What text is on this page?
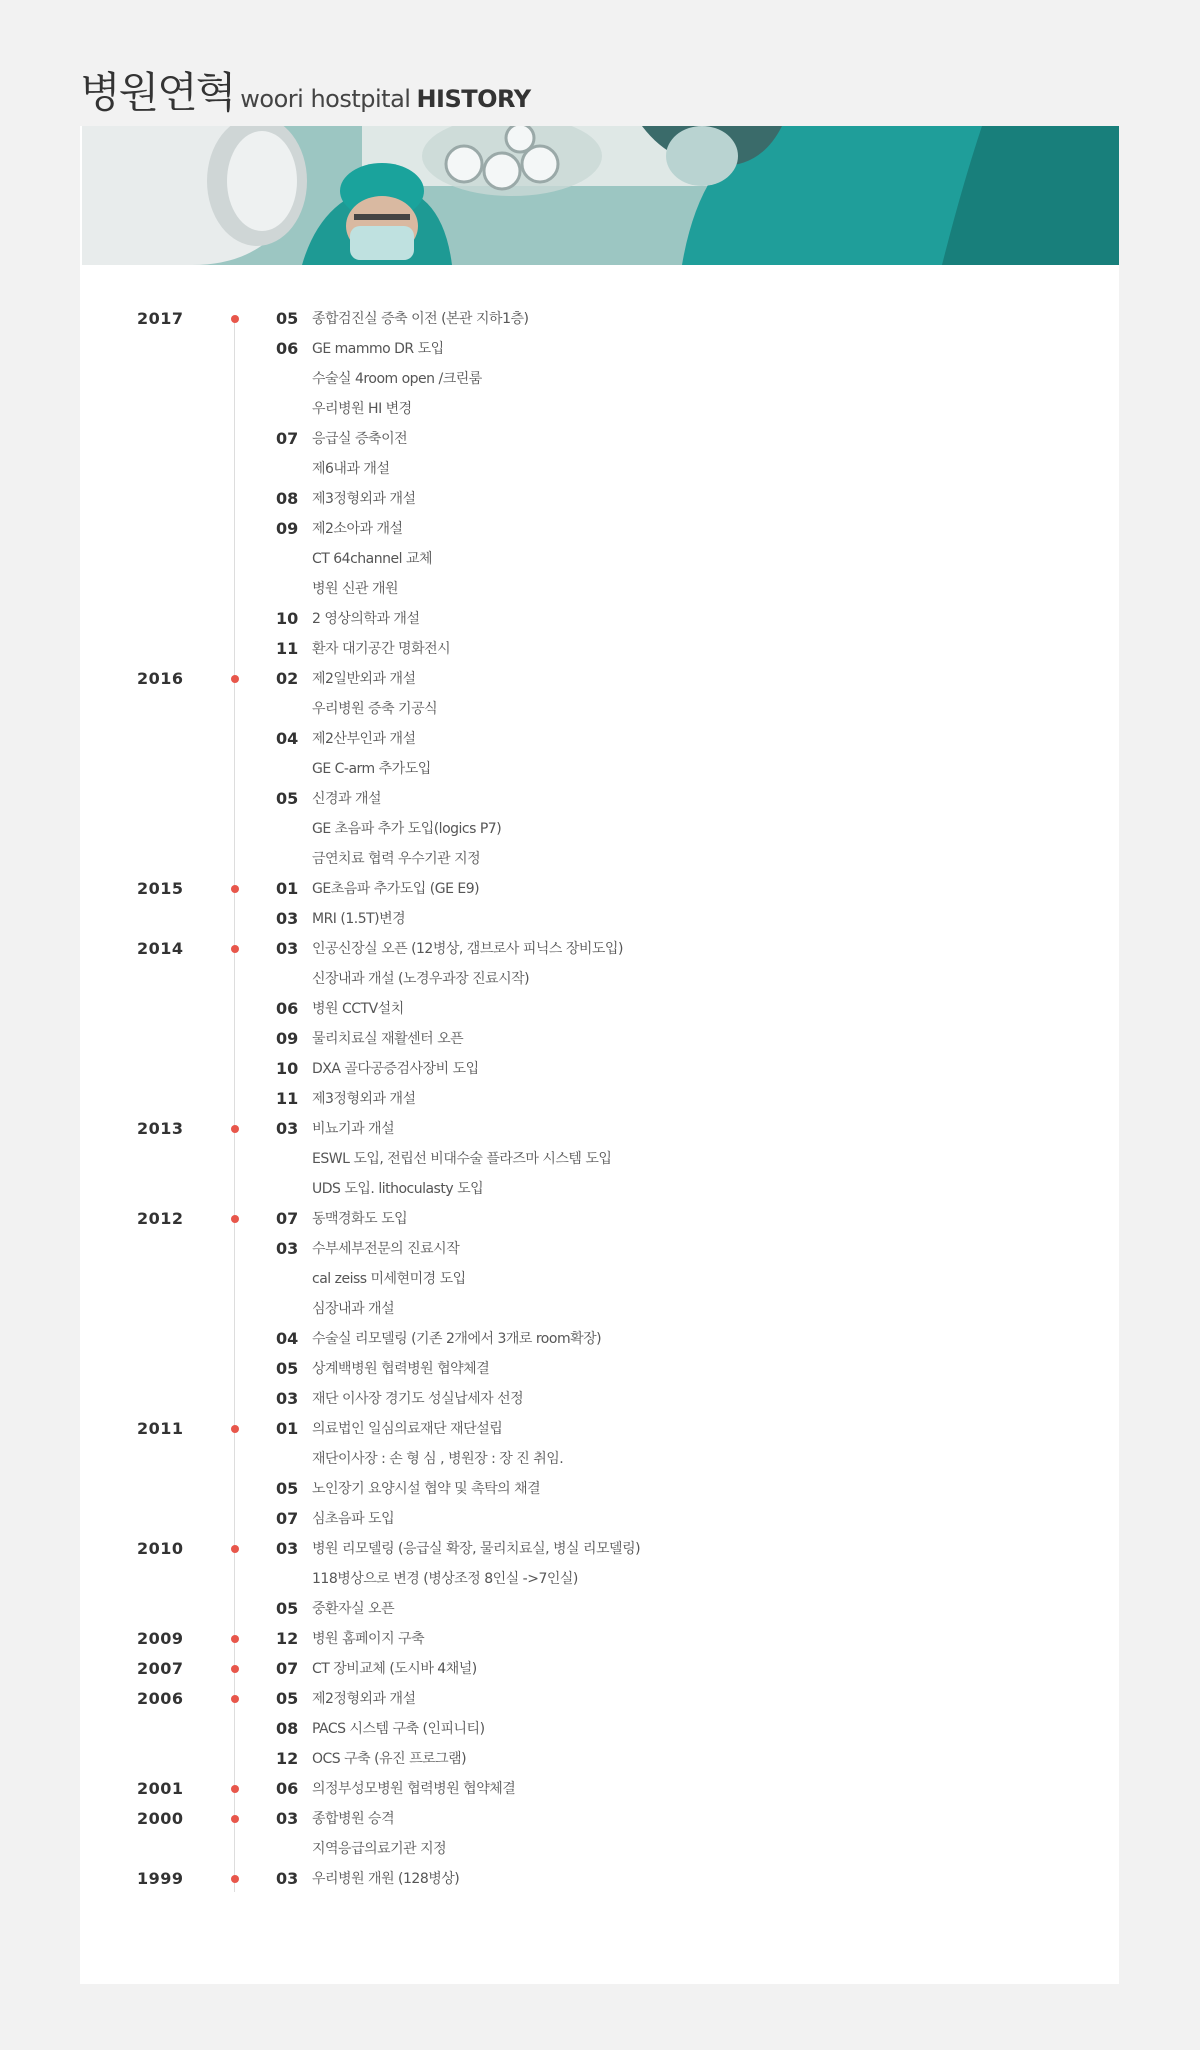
병원연혁 woori hostpital HISTORY
2017	05 종합검진실 증축 이전 (본관 지하1층)
06 GE mammo DR 도입
수술실 4room open /크린룸
우리병원 HI 변경
07 응급실 증축이전
제6내과 개설
08 제3정형외과 개설
09 제2소아과 개설
CT 64channel 교체
병원 신관 개원
10 2 영상의학과 개설
11 환자 대기공간 명화전시
2016	02 제2일반외과 개설
우리병원 증축 기공식
04 제2산부인과 개설
GE C-arm 추가도입
05 신경과 개설
GE 초음파 추가 도입(logics P7)
금연치료 협력 우수기관 지정
2015	01 GE초음파 추가도입 (GE E9)
03 MRI (1.5T)변경
2014	03 인공신장실 오픈 (12병상, 갬브로사 피닉스 장비도입)
신장내과 개설 (노경우과장 진료시작)
06 병원 CCTV설치
09 물리치료실 재활센터 오픈
10 DXA 골다공증검사장비 도입
11 제3정형외과 개설
2013	03 비뇨기과 개설
ESWL 도입, 전립선 비대수술 플라즈마 시스템 도입
UDS 도입. lithoculasty 도입
2012	07 동맥경화도 도입
03 수부세부전문의 진료시작
cal zeiss 미세현미경 도입
심장내과 개설
04 수술실 리모델링 (기존 2개에서 3개로 room확장)
05 상계백병원 협력병원 협약체결
03 재단 이사장 경기도 성실납세자 선정
2011	01 의료법인 일심의료재단 재단설립
재단이사장 : 손 형 심 , 병원장 : 장 진 취임.
05 노인장기 요양시설 협약 및 촉탁의 채결
07 심초음파 도입
2010	03 병원 리모델링 (응급실 확장, 물리치료실, 병실 리모델링)
118병상으로 변경 (병상조정 8인실 ->7인실)
05 중환자실 오픈
2009	12 병원 홈페이지 구축
2007	07 CT 장비교체 (도시바 4채널)
2006	05 제2정형외과 개설
08 PACS 시스템 구축 (인피니티)
12 OCS 구축 (유진 프로그램)
2001	06 의정부성모병원 협력병원 협약체결
2000	03 종합병원 승격
지역응급의료기관 지정
1999	03 우리병원 개원 (128병상)
